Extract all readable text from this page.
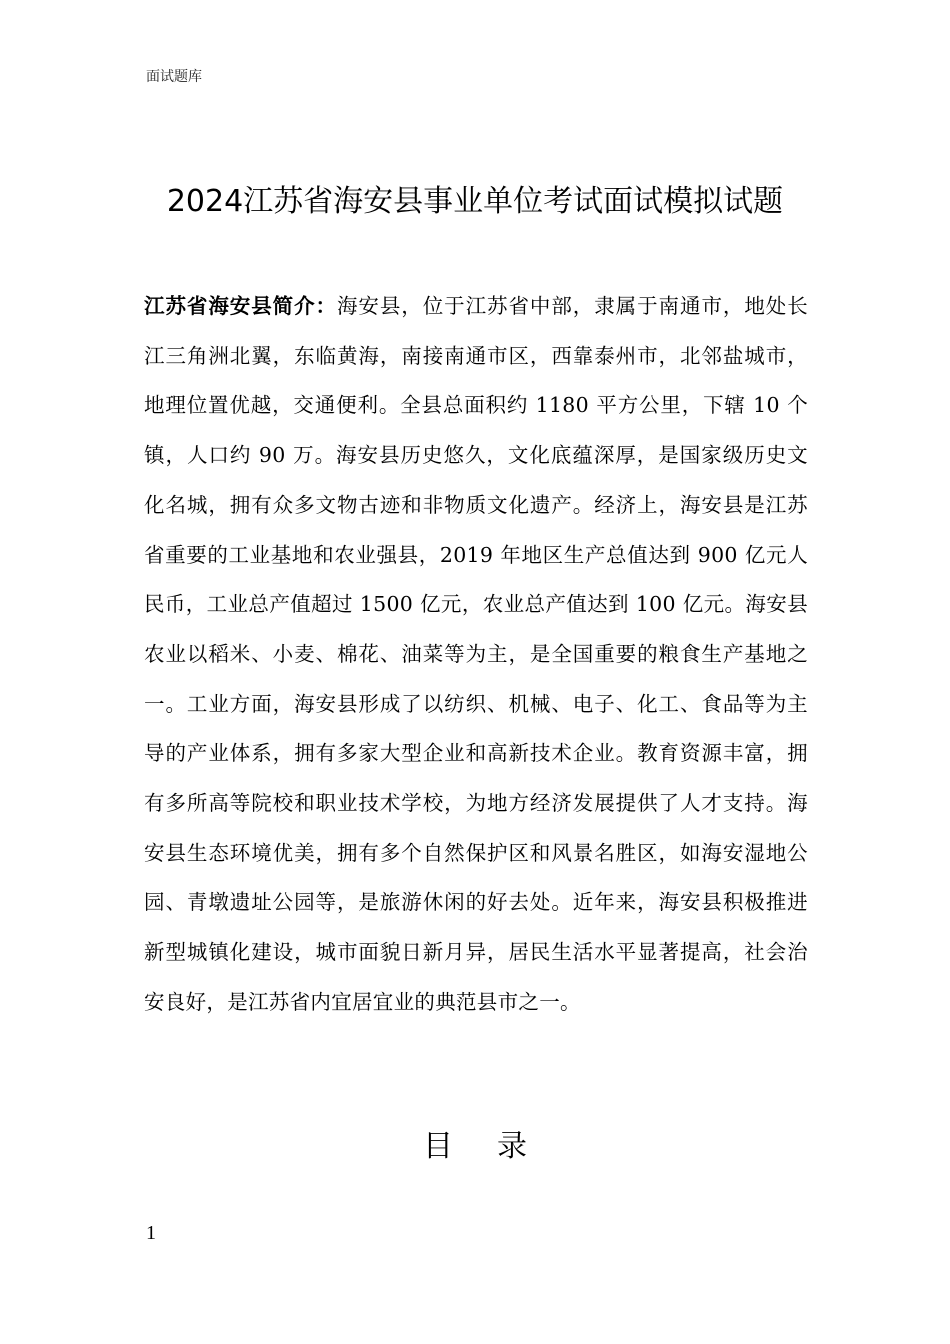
面试题库
2024江苏省海安县事业单位考试面试模拟试题

江苏省海安县简介：海安县，位于江苏省中部，隶属于南通市，地处长江三角洲北翼，东临黄海，南接南通市区，西靠泰州市，北邻盐城市，地理位置优越，交通便利。全县总面积约 1180 平方公里，下辖 10 个镇，人口约 90 万。海安县历史悠久，文化底蕴深厚，是国家级历史文化名城，拥有众多文物古迹和非物质文化遗产。经济上，海安县是江苏省重要的工业基地和农业强县，2019 年地区生产总值达到 900 亿元人民币，工业总产值超过 1500 亿元，农业总产值达到 100 亿元。海安县农业以稻米、小麦、棉花、油菜等为主，是全国重要的粮食生产基地之一。工业方面，海安县形成了以纺织、机械、电子、化工、食品等为主导的产业体系，拥有多家大型企业和高新技术企业。教育资源丰富，拥有多所高等院校和职业技术学校，为地方经济发展提供了人才支持。海安县生态环境优美，拥有多个自然保护区和风景名胜区，如海安湿地公园、青墩遗址公园等，是旅游休闲的好去处。近年来，海安县积极推进新型城镇化建设，城市面貌日新月异，居民生活水平显著提高，社会治安良好，是江苏省内宜居宜业的典范县市之一。

目 录
1
